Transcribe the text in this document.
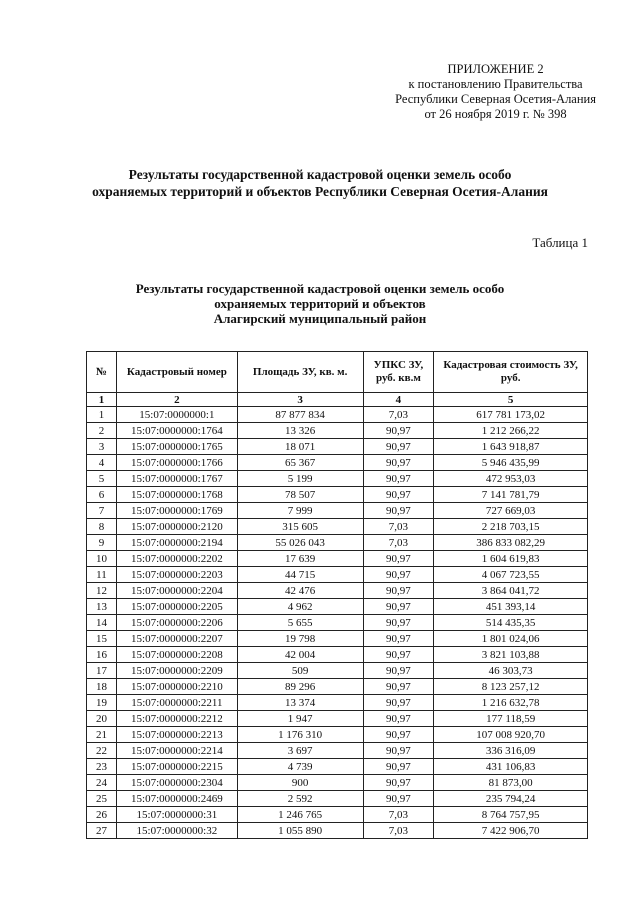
ПРИЛОЖЕНИЕ 2
к постановлению Правительства
Республики Северная Осетия-Алания
от 26 ноября 2019 г. № 398
Результаты государственной кадастровой оценки земель особо
охраняемых территорий и объектов Республики Северная Осетия-Алания
Таблица 1
Результаты государственной кадастровой оценки земель особо
охраняемых территорий и объектов
Алагирский муниципальный район
№	Кадастровый номер	Площадь ЗУ, кв. м.	УПКС ЗУ, руб. кв.м	Кадастровая стоимость ЗУ, руб.
1	2	3	4	5
1	15:07:0000000:1	87 877 834	7,03	617 781 173,02
2	15:07:0000000:1764	13 326	90,97	1 212 266,22
3	15:07:0000000:1765	18 071	90,97	1 643 918,87
4	15:07:0000000:1766	65 367	90,97	5 946 435,99
5	15:07:0000000:1767	5 199	90,97	472 953,03
6	15:07:0000000:1768	78 507	90,97	7 141 781,79
7	15:07:0000000:1769	7 999	90,97	727 669,03
8	15:07:0000000:2120	315 605	7,03	2 218 703,15
9	15:07:0000000:2194	55 026 043	7,03	386 833 082,29
10	15:07:0000000:2202	17 639	90,97	1 604 619,83
11	15:07:0000000:2203	44 715	90,97	4 067 723,55
12	15:07:0000000:2204	42 476	90,97	3 864 041,72
13	15:07:0000000:2205	4 962	90,97	451 393,14
14	15:07:0000000:2206	5 655	90,97	514 435,35
15	15:07:0000000:2207	19 798	90,97	1 801 024,06
16	15:07:0000000:2208	42 004	90,97	3 821 103,88
17	15:07:0000000:2209	509	90,97	46 303,73
18	15:07:0000000:2210	89 296	90,97	8 123 257,12
19	15:07:0000000:2211	13 374	90,97	1 216 632,78
20	15:07:0000000:2212	1 947	90,97	177 118,59
21	15:07:0000000:2213	1 176 310	90,97	107 008 920,70
22	15:07:0000000:2214	3 697	90,97	336 316,09
23	15:07:0000000:2215	4 739	90,97	431 106,83
24	15:07:0000000:2304	900	90,97	81 873,00
25	15:07:0000000:2469	2 592	90,97	235 794,24
26	15:07:0000000:31	1 246 765	7,03	8 764 757,95
27	15:07:0000000:32	1 055 890	7,03	7 422 906,70
